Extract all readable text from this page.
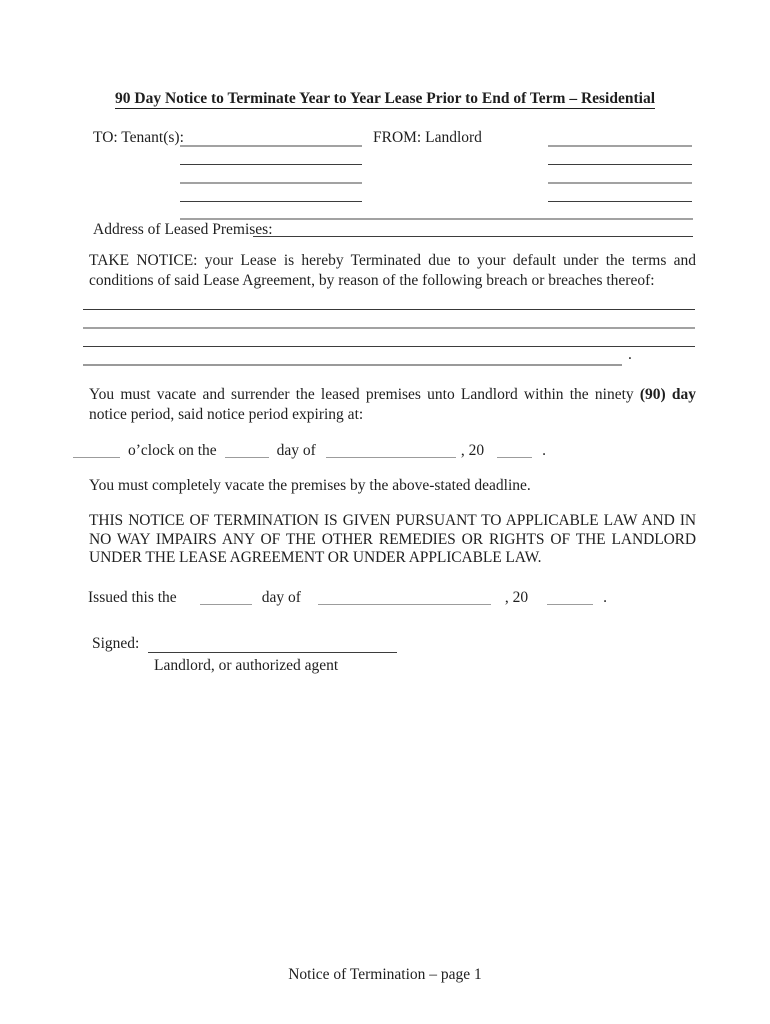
90 Day Notice to Terminate Year to Year Lease Prior to End of Term – Residential
TO: Tenant(s):	FROM: Landlord
Address of Leased Premises:
TAKE NOTICE: your Lease is hereby Terminated due to your default under the terms and
conditions of said Lease Agreement, by reason of the following breach or breaches thereof:
.
You must vacate and surrender the leased premises unto Landlord within the ninety (90) day
notice period, said notice period expiring at:
o’clock on the	day of	, 20	.
You must completely vacate the premises by the above-stated deadline.
THIS NOTICE OF TERMINATION IS GIVEN PURSUANT TO APPLICABLE LAW AND IN
NO WAY IMPAIRS ANY OF THE OTHER REMEDIES OR RIGHTS OF THE LANDLORD
UNDER THE LEASE AGREEMENT OR UNDER APPLICABLE LAW.
Issued this the	day of	, 20	.
Signed:
Landlord, or authorized agent
Notice of Termination – page 1
